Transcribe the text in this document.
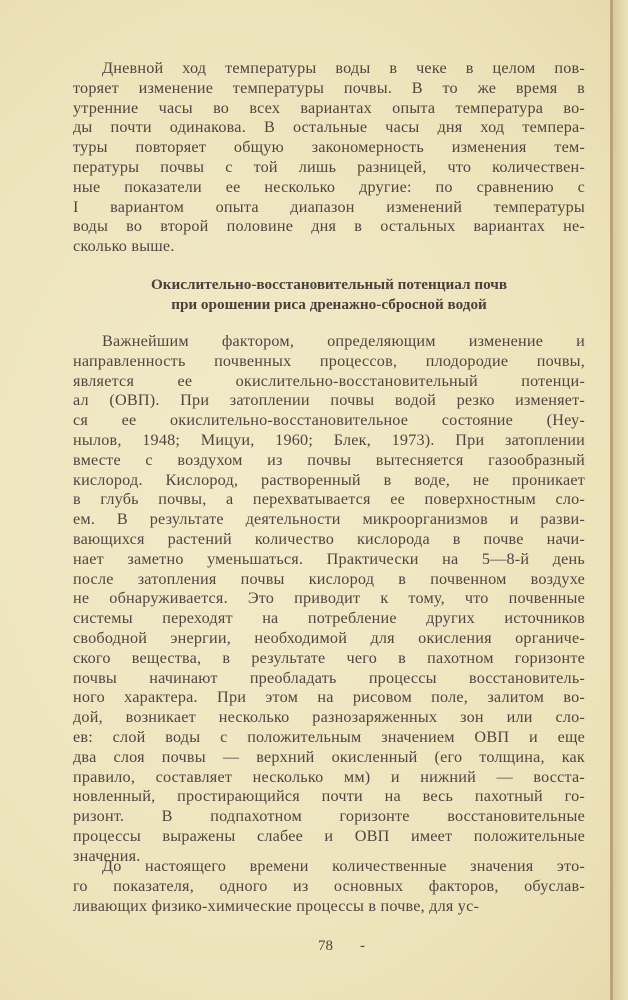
Дневной ход температуры воды в чеке в целом пов-
торяет изменение температуры почвы. В то же время в
утренние часы во всех вариантах опыта температура во-
ды почти одинакова. В остальные часы дня ход темпера-
туры повторяет общую закономерность изменения тем-
пературы почвы с той лишь разницей, что количествен-
ные показатели ее несколько другие: по сравнению с
I вариантом опыта диапазон изменений температуры
воды во второй половине дня в остальных вариантах не-
сколько выше.
Окислительно-восстановительный потенциал почв
при орошении риса дренажно-сбросной водой
Важнейшим фактором, определяющим изменение и
направленность почвенных процессов, плодородие почвы,
является ее окислительно-восстановительный потенци-
ал (ОВП). При затоплении почвы водой резко изменяет-
ся ее окислительно-восстановительное состояние (Неу-
нылов, 1948; Мицуи, 1960; Блек, 1973). При затоплении
вместе с воздухом из почвы вытесняется газообразный
кислород. Кислород, растворенный в воде, не проникает
в глубь почвы, а перехватывается ее поверхностным сло-
ем. В результате деятельности микроорганизмов и разви-
вающихся растений количество кислорода в почве начи-
нает заметно уменьшаться. Практически на 5—8-й день
после затопления почвы кислород в почвенном воздухе
не обнаруживается. Это приводит к тому, что почвенные
системы переходят на потребление других источников
свободной энергии, необходимой для окисления органиче-
ского вещества, в результате чего в пахотном горизонте
почвы начинают преобладать процессы восстановитель-
ного характера. При этом на рисовом поле, залитом во-
дой, возникает несколько разнозаряженных зон или сло-
ев: слой воды с положительным значением ОВП и еще
два слоя почвы — верхний окисленный (его толщина, как
правило, составляет несколько мм) и нижний — восста-
новленный, простирающийся почти на весь пахотный го-
ризонт. В подпахотном горизонте восстановительные
процессы выражены слабее и ОВП имеет положительные
значения.
До настоящего времени количественные значения это-
го показателя, одного из основных факторов, обуслав-
ливающих физико-химические процессы в почве, для ус-
78 -
